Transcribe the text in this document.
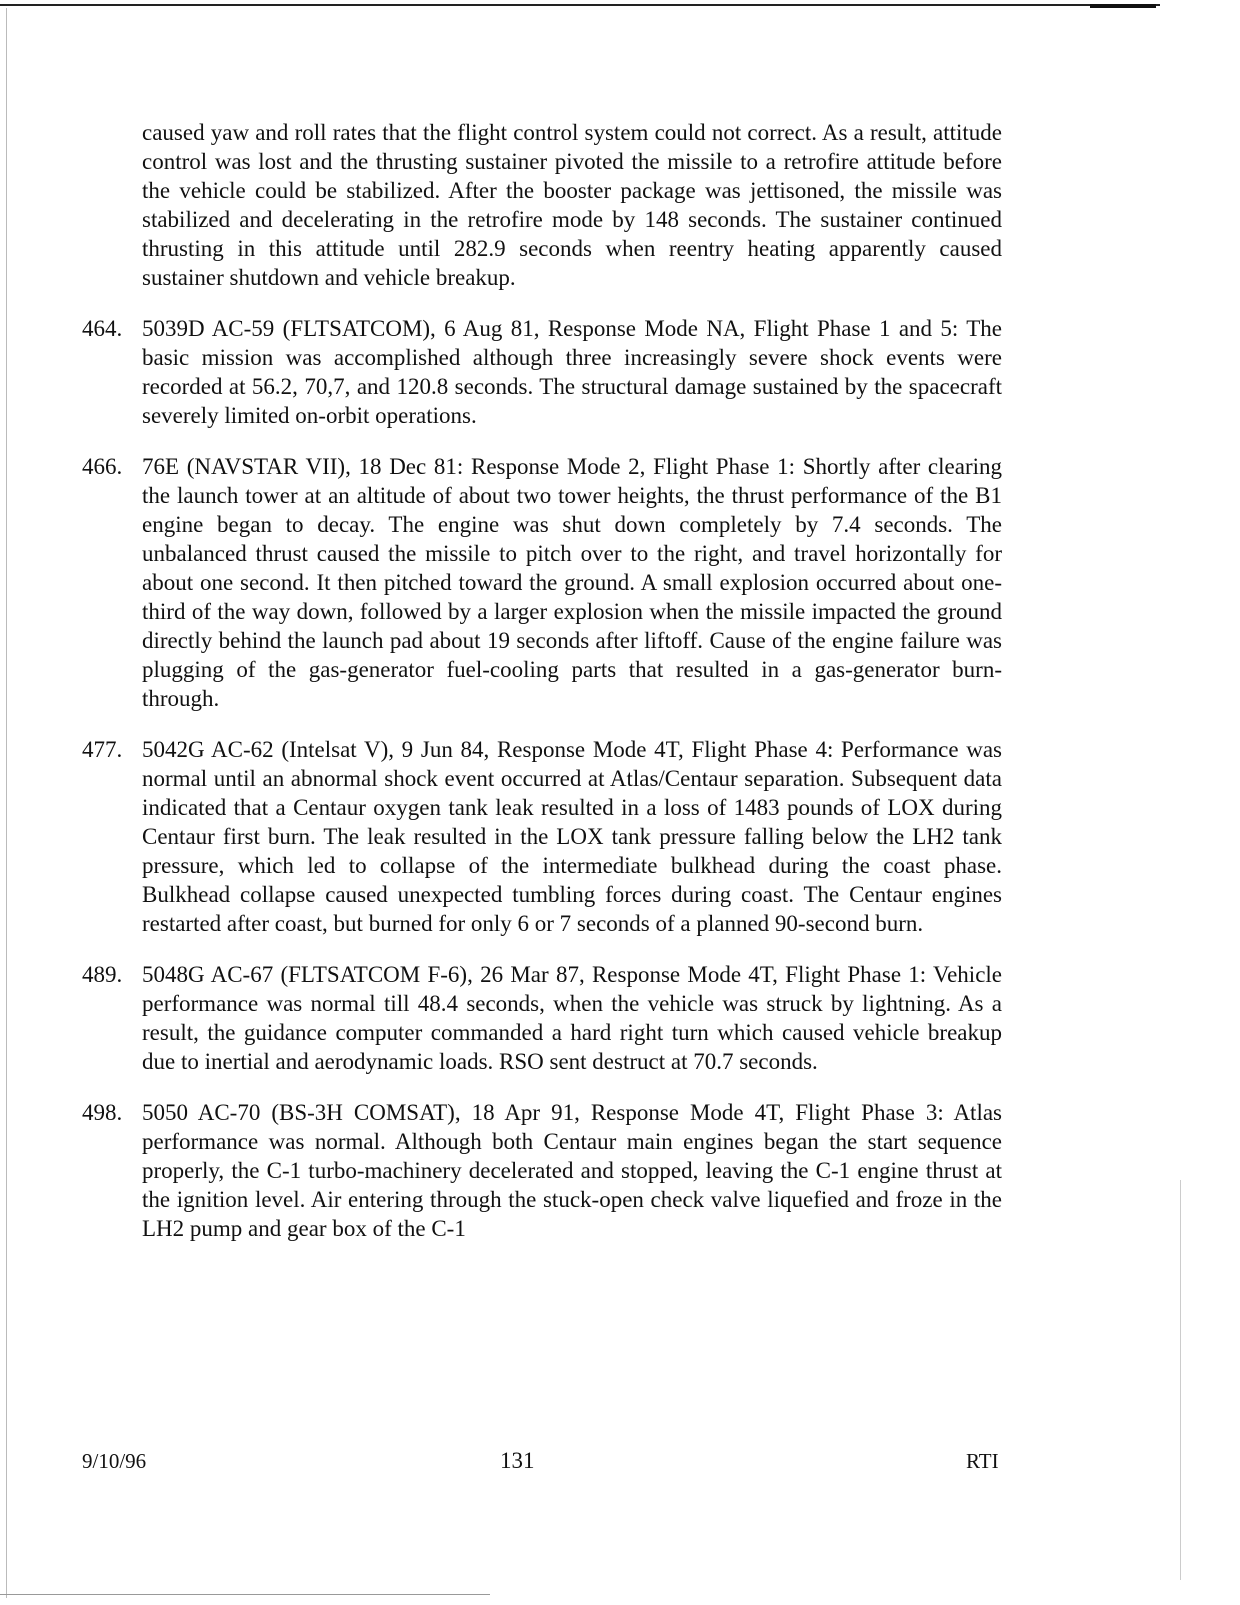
caused yaw and roll rates that the flight control system could not correct. As a result, attitude control was lost and the thrusting sustainer pivoted the missile to a retrofire attitude before the vehicle could be stabilized. After the booster package was jettisoned, the missile was stabilized and decelerating in the retrofire mode by 148 seconds. The sustainer continued thrusting in this attitude until 282.9 seconds when reentry heating apparently caused sustainer shutdown and vehicle breakup.

464. 5039D AC-59 (FLTSATCOM), 6 Aug 81, Response Mode NA, Flight Phase 1 and 5: The basic mission was accomplished although three increasingly severe shock events were recorded at 56.2, 70,7, and 120.8 seconds. The structural damage sustained by the spacecraft severely limited on-orbit operations.
466. 76E (NAVSTAR VII), 18 Dec 81: Response Mode 2, Flight Phase 1: Shortly after clearing the launch tower at an altitude of about two tower heights, the thrust performance of the B1 engine began to decay. The engine was shut down completely by 7.4 seconds. The unbalanced thrust caused the missile to pitch over to the right, and travel horizontally for about one second. It then pitched toward the ground. A small explosion occurred about one-third of the way down, followed by a larger explosion when the missile impacted the ground directly behind the launch pad about 19 seconds after liftoff. Cause of the engine failure was plugging of the gas-generator fuel-cooling parts that resulted in a gas-generator burn-through.
477. 5042G AC-62 (Intelsat V), 9 Jun 84, Response Mode 4T, Flight Phase 4: Performance was normal until an abnormal shock event occurred at Atlas/Centaur separation. Subsequent data indicated that a Centaur oxygen tank leak resulted in a loss of 1483 pounds of LOX during Centaur first burn. The leak resulted in the LOX tank pressure falling below the LH2 tank pressure, which led to collapse of the intermediate bulkhead during the coast phase. Bulkhead collapse caused unexpected tumbling forces during coast. The Centaur engines restarted after coast, but burned for only 6 or 7 seconds of a planned 90-second burn.
489. 5048G AC-67 (FLTSATCOM F-6), 26 Mar 87, Response Mode 4T, Flight Phase 1: Vehicle performance was normal till 48.4 seconds, when the vehicle was struck by lightning. As a result, the guidance computer commanded a hard right turn which caused vehicle breakup due to inertial and aerodynamic loads. RSO sent destruct at 70.7 seconds.
498. 5050 AC-70 (BS-3H COMSAT), 18 Apr 91, Response Mode 4T, Flight Phase 3: Atlas performance was normal. Although both Centaur main engines began the start sequence properly, the C-1 turbo-machinery decelerated and stopped, leaving the C-1 engine thrust at the ignition level. Air entering through the stuck-open check valve liquefied and froze in the LH2 pump and gear box of the C-1
9/10/96	131	RTI
